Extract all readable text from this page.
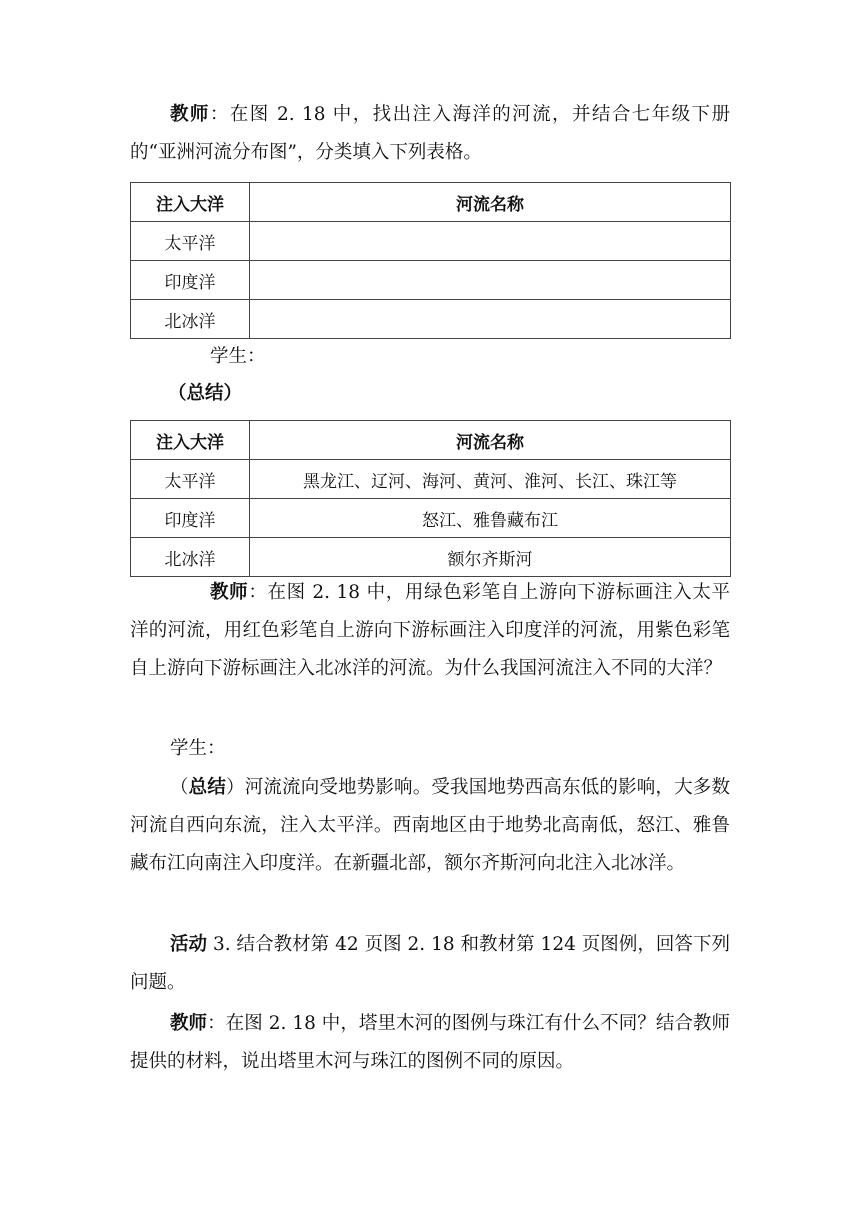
教师：在图 2. 18 中，找出注入海洋的河流，并结合七年级下册的“亚洲河流分布图”，分类填入下列表格。

注入大洋	河流名称
太平洋	
印度洋	
北冰洋	

学生：

（总结）

注入大洋	河流名称
太平洋	黑龙江、辽河、海河、黄河、淮河、长江、珠江等
印度洋	怒江、雅鲁藏布江
北冰洋	额尔齐斯河

教师：在图 2. 18 中，用绿色彩笔自上游向下游标画注入太平洋的河流，用红色彩笔自上游向下游标画注入印度洋的河流，用紫色彩笔自上游向下游标画注入北冰洋的河流。为什么我国河流注入不同的大洋？

学生：

（总结）河流流向受地势影响。受我国地势西高东低的影响，大多数河流自西向东流，注入太平洋。西南地区由于地势北高南低，怒江、雅鲁藏布江向南注入印度洋。在新疆北部，额尔齐斯河向北注入北冰洋。

活动 3. 结合教材第 42 页图 2. 18 和教材第 124 页图例，回答下列问题。

教师：在图 2. 18 中，塔里木河的图例与珠江有什么不同？结合教师提供的材料，说出塔里木河与珠江的图例不同的原因。
